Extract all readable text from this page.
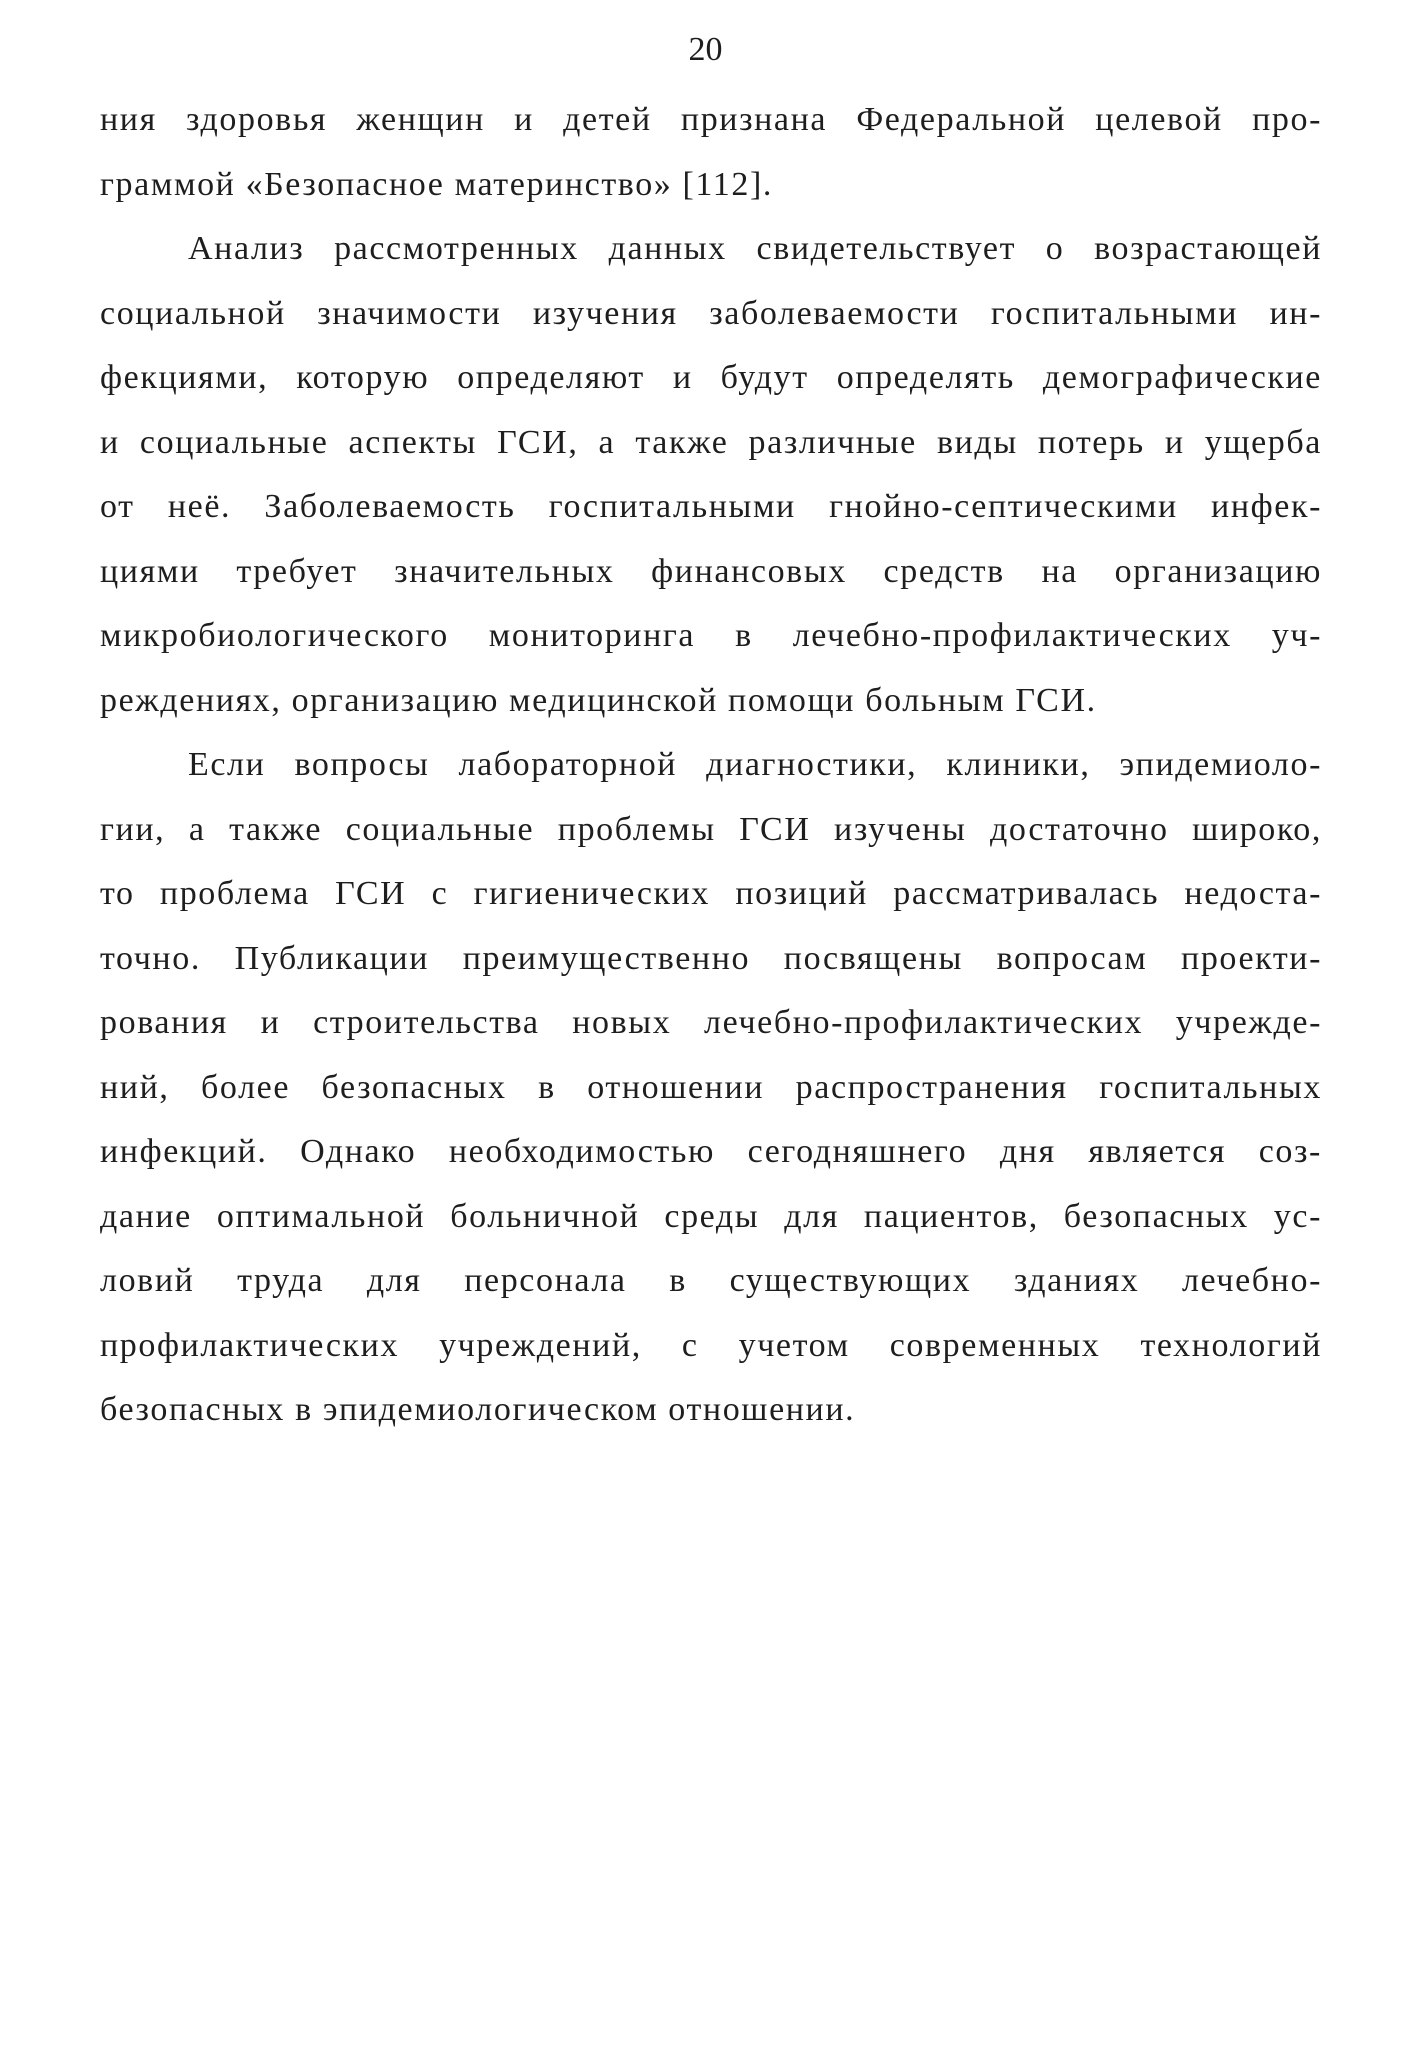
20
ния здоровья женщин и детей признана Федеральной целевой про-
граммой «Безопасное материнство» [112].
Анализ рассмотренных данных свидетельствует о возрастающей
социальной значимости изучения заболеваемости госпитальными ин-
фекциями, которую определяют и будут определять демографические
и социальные аспекты ГСИ, а также различные виды потерь и ущерба
от неё. Заболеваемость госпитальными гнойно-септическими инфек-
циями требует значительных финансовых средств на организацию
микробиологического мониторинга в лечебно-профилактических уч-
реждениях, организацию медицинской помощи больным ГСИ.
Если вопросы лабораторной диагностики, клиники, эпидемиоло-
гии, а также социальные проблемы ГСИ изучены достаточно широко,
то проблема ГСИ с гигиенических позиций рассматривалась недоста-
точно. Публикации преимущественно посвящены вопросам проекти-
рования и строительства новых лечебно-профилактических учрежде-
ний, более безопасных в отношении распространения госпитальных
инфекций. Однако необходимостью сегодняшнего дня является соз-
дание оптимальной больничной среды для пациентов, безопасных ус-
ловий труда для персонала в существующих зданиях лечебно-
профилактических учреждений, с учетом современных технологий
безопасных в эпидемиологическом отношении.
